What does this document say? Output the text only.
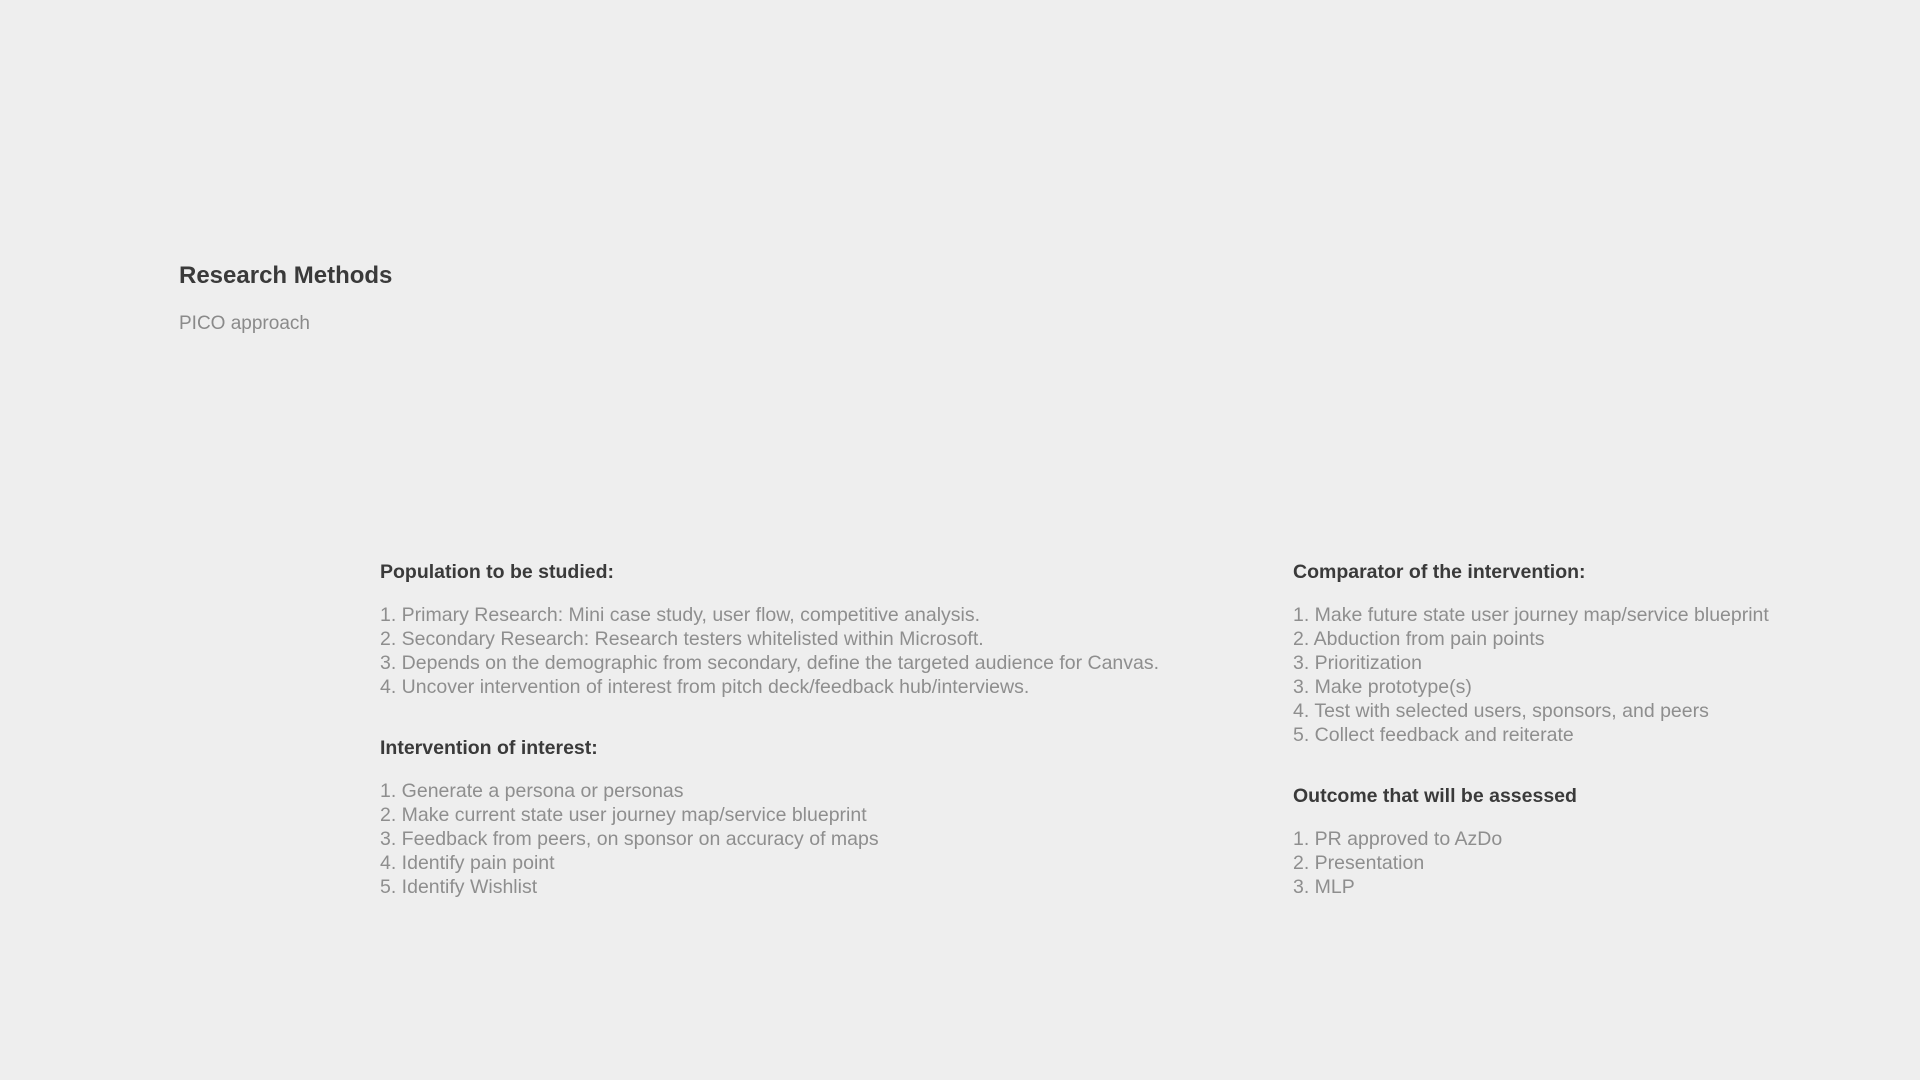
Research Methods

PICO approach

Population to be studied:
1. Primary Research: Mini case study, user flow, competitive analysis.
2. Secondary Research: Research testers whitelisted within Microsoft.
3. Depends on the demographic from secondary, define the targeted audience for Canvas.
4. Uncover intervention of interest from pitch deck/feedback hub/interviews.
Intervention of interest:
1. Generate a persona or personas
2. Make current state user journey map/service blueprint
3. Feedback from peers, on sponsor on accuracy of maps
4. Identify pain point
5. Identify Wishlist
Comparator of the intervention:
1. Make future state user journey map/service blueprint
2. Abduction from pain points
3. Prioritization
3. Make prototype(s)
4. Test with selected users, sponsors, and peers
5. Collect feedback and reiterate
Outcome that will be assessed
1. PR approved to AzDo
2. Presentation
3. MLP
